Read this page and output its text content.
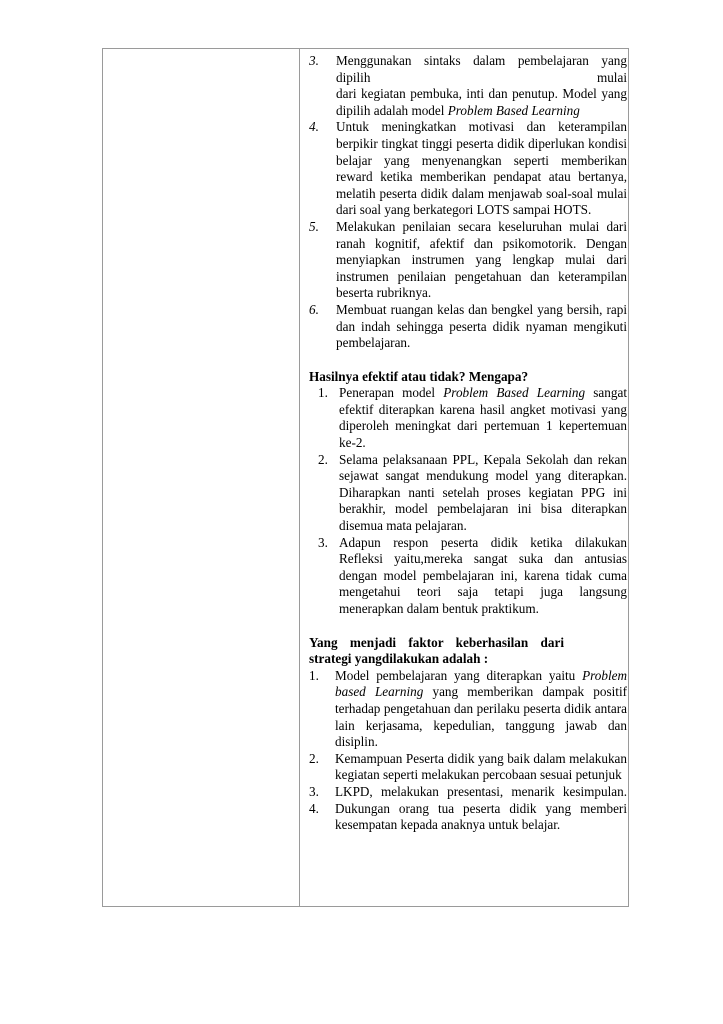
3. Menggunakan sintaks dalam pembelajaran yang dipilih mulai
dari kegiatan pembuka, inti dan penutup. Model yang dipilih adalah model Problem Based Learning
4. Untuk meningkatkan motivasi dan keterampilan berpikir tingkat tinggi peserta didik diperlukan kondisi belajar yang menyenangkan seperti memberikan reward ketika memberikan pendapat atau bertanya, melatih peserta didik dalam menjawab soal-soal mulai dari soal yang berkategori LOTS sampai HOTS.
5. Melakukan penilaian secara keseluruhan mulai dari ranah kognitif, afektif dan psikomotorik. Dengan menyiapkan instrumen yang lengkap mulai dari instrumen penilaian pengetahuan dan keterampilan beserta rubriknya.
6. Membuat ruangan kelas dan bengkel yang bersih, rapi dan indah sehingga peserta didik nyaman mengikuti pembelajaran.
Hasilnya efektif atau tidak? Mengapa?
1. Penerapan model Problem Based Learning sangat efektif diterapkan karena hasil angket motivasi yang diperoleh meningkat dari pertemuan 1 kepertemuan ke-2.
2. Selama pelaksanaan PPL, Kepala Sekolah dan rekan sejawat sangat mendukung model yang diterapkan. Diharapkan nanti setelah proses kegiatan PPG ini berakhir, model pembelajaran ini bisa diterapkan disemua mata pelajaran.
3. Adapun respon peserta didik ketika dilakukan Refleksi yaitu,mereka sangat suka dan antusias dengan model pembelajaran ini, karena tidak cuma mengetahui teori saja tetapi juga langsung menerapkan dalam bentuk praktikum.
Yang menjadi faktor keberhasilan dari
strategi yangdilakukan adalah :
1. Model pembelajaran yang diterapkan yaitu Problem based Learning yang memberikan dampak positif terhadap pengetahuan dan perilaku peserta didik antara lain kerjasama, kepedulian, tanggung jawab dan disiplin.
2. Kemampuan Peserta didik yang baik dalam melakukan kegiatan seperti melakukan percobaan sesuai petunjuk
3. LKPD, melakukan presentasi, menarik kesimpulan.
4. Dukungan orang tua peserta didik yang memberi kesempatan kepada anaknya untuk belajar.
